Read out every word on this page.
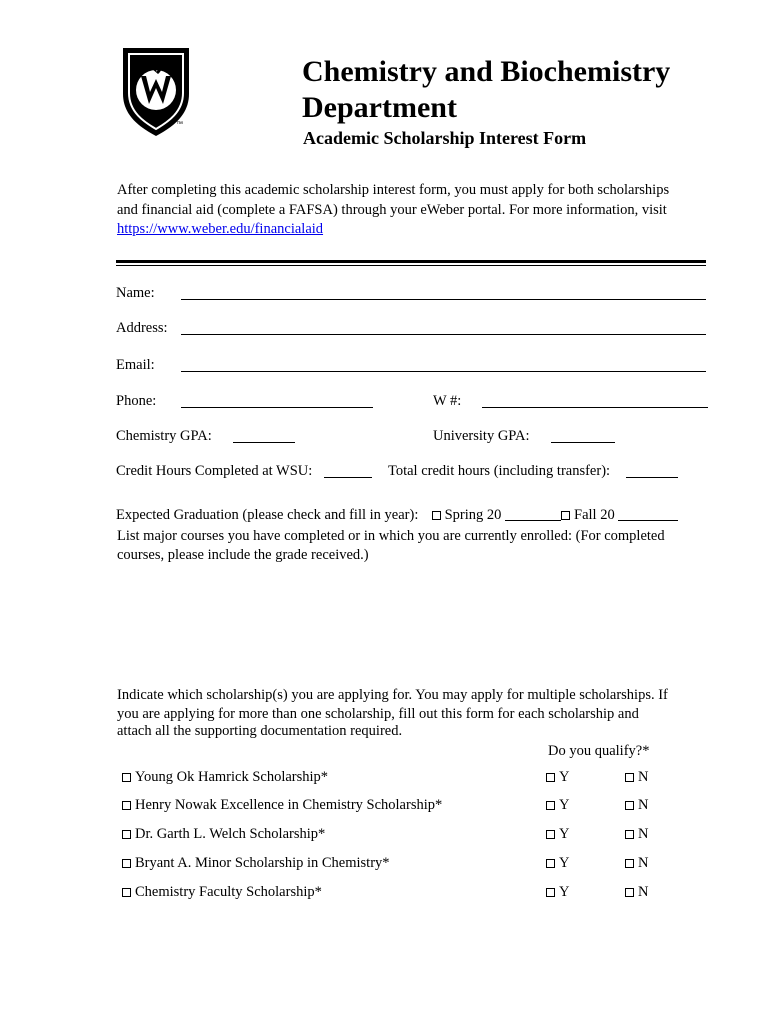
™
Chemistry and Biochemistry
Department
Academic Scholarship Interest Form
After completing this academic scholarship interest form, you must apply for both scholarships
and financial aid (complete a FAFSA) through your eWeber portal. For more information, visit
https://www.weber.edu/financialaid
Name:
Address:
Email:
Phone:	W #:
Chemistry GPA:	University GPA:
Credit Hours Completed at WSU:	Total credit hours (including transfer):
Expected Graduation (please check and fill in year): Spring 20	Fall 20
List major courses you have completed or in which you are currently enrolled: (For completed
courses, please include the grade received.)
Indicate which scholarship(s) you are applying for. You may apply for multiple scholarships. If
you are applying for more than one scholarship, fill out this form for each scholarship and
attach all the supporting documentation required.
Do you qualify?*
Young Ok Hamrick Scholarship*	Y	N
Henry Nowak Excellence in Chemistry Scholarship*	Y	N
Dr. Garth L. Welch Scholarship*	Y	N
Bryant A. Minor Scholarship in Chemistry*	Y	N
Chemistry Faculty Scholarship*	Y	N
